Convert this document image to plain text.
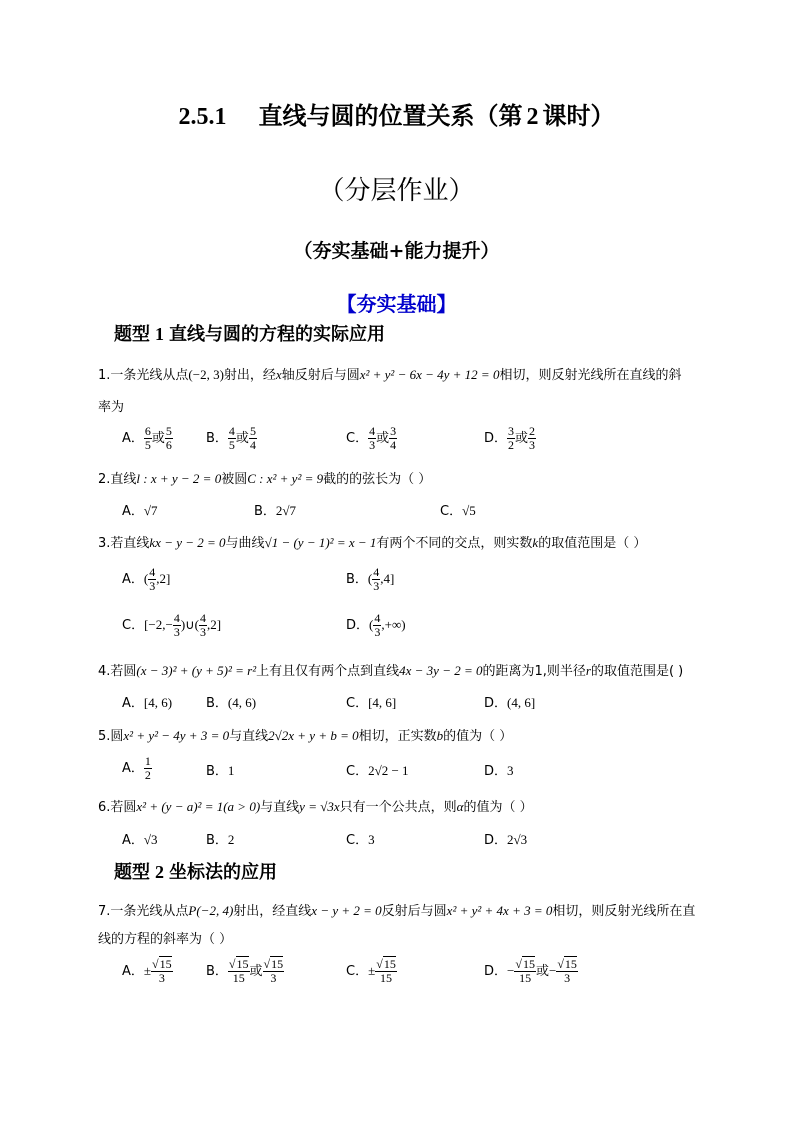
2.5.1 直线与圆的位置关系（第 2 课时）
（分层作业）
（夯实基础+能力提升）
【夯实基础】
题型 1 直线与圆的方程的实际应用
1.一条光线从点(−2, 3)射出，经x轴反射后与圆x² + y² − 6x − 4y + 12 = 0相切，则反射光线所在直线的斜
率为
A． $\frac{6}{5}$ 或 $\frac{5}{6}$	B． $\frac{4}{5}$ 或 $\frac{5}{4}$	C． $\frac{4}{3}$ 或 $\frac{3}{4}$	D． $\frac{3}{2}$ 或 $\frac{2}{3}$
2.直线l : x + y − 2 = 0被圆C : x² + y² = 9截的的弦长为（ ）
A．√7	B．2√7	C．√5
3.若直线kx − y − 2 = 0与曲线√1 − (y − 1)² = x − 1有两个不同的交点，则实数k的取值范围是（ ）
A．( $\frac{4}{3} ,2$]	B．( $\frac{4}{3} ,4$]
C．[$-2,- \frac{4}{3}$ )∪( $\frac{4}{3} ,2$]	D．( $\frac{4}{3}$ ,+∞)
4.若圆(x − 3)² + (y + 5)² = r²上有且仅有两个点到直线4x − 3y − 2 = 0的距离为1,则半径r的取值范围是( )
A．[4, 6)	B．(4, 6)	C．[4, 6]	D．(4, 6]
5.圆x² + y² − 4y + 3 = 0与直线2√2x + y + b = 0相切，正实数b的值为（ ）
A． $\frac{1}{2}$	B．1	C．2√2 − 1	D．3
6.若圆x² + (y − a)² = 1(a > 0)与直线y = √3x只有一个公共点，则α的值为（ ）
A．√3	B．2	C．3	D．2√3
题型 2 坐标法的应用
7.一条光线从点P(−2, 4)射出，经直线x − y + 2 = 0反射后与圆x² + y² + 4x + 3 = 0相切，则反射光线所在直
线的方程的斜率为（ ）
A．± $\frac{√15}{3}$	B． $\frac{√15}{15}$ 或 $\frac{√15}{3}$	C．± $\frac{√15}{15}$	D．− $\frac{√15}{15}$ 或− $\frac{√15}{3}$
